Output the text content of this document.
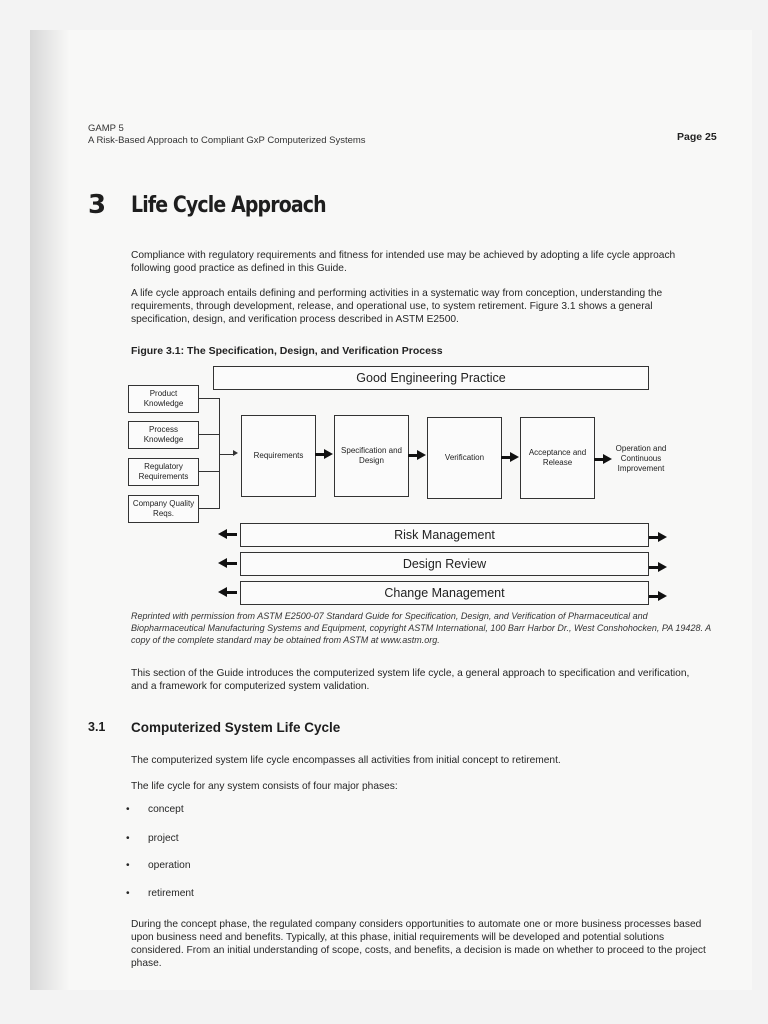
GAMP 5
A Risk-Based Approach to Compliant GxP Computerized Systems	Page 25
3 Life Cycle Approach
Compliance with regulatory requirements and fitness for intended use may be achieved by adopting a life cycle approach following good practice as defined in this Guide.
A life cycle approach entails defining and performing activities in a systematic way from conception, understanding the requirements, through development, release, and operational use, to system retirement. Figure 3.1 shows a general specification, design, and verification process described in ASTM E2500.
Figure 3.1: The Specification, Design, and Verification Process
Good Engineering Practice
Product Knowledge
Process Knowledge
Regulatory Requirements
Company Quality Reqs.
Requirements
Specification and Design	Verification
Acceptance and Release
Operation and Continuous Improvement
Risk Management
Design Review
Change Management
Reprinted with permission from ASTM E2500-07 Standard Guide for Specification, Design, and Verification of Pharmaceutical and Biopharmaceutical Manufacturing Systems and Equipment, copyright ASTM International, 100 Barr Harbor Dr., West Conshohocken, PA 19428. A copy of the complete standard may be obtained from ASTM at www.astm.org.
This section of the Guide introduces the computerized system life cycle, a general approach to specification and verification, and a framework for computerized system validation.
3.1 Computerized System Life Cycle
The computerized system life cycle encompasses all activities from initial concept to retirement.
The life cycle for any system consists of four major phases:
• concept
• project
• operation
• retirement
During the concept phase, the regulated company considers opportunities to automate one or more business processes based upon business need and benefits. Typically, at this phase, initial requirements will be developed and potential solutions considered. From an initial understanding of scope, costs, and benefits, a decision is made on whether to proceed to the project phase.
